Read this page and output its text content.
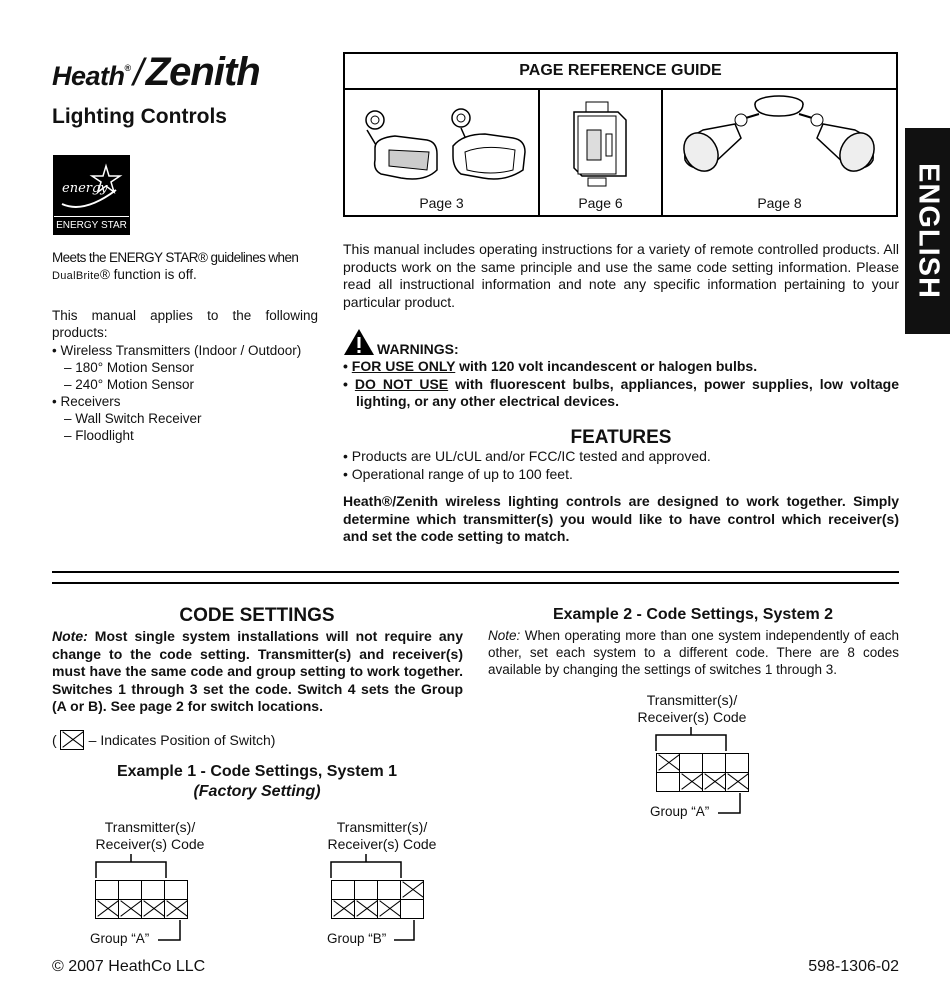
Heath®/Zenith
Lighting Controls
energy
ENERGY STAR
Meets the ENERGY STAR® guidelines when
DualBrite® function is off.
This manual applies to the following products:
• Wireless Transmitters (Indoor / Outdoor)
– 180° Motion Sensor
– 240° Motion Sensor
• Receivers
– Wall Switch Receiver
– Floodlight
PAGE REFERENCE GUIDE
Page 3	Page 6	Page 8	ENGLISH
This manual includes operating instructions for a variety of remote controlled products. All products work on the same principle and use the same code setting information. Please read all instructional information and note any specific information pertaining to your particular product.
WARNINGS:
• FOR USE ONLY with 120 volt incandescent or halogen bulbs.
• DO NOT USE with fluorescent bulbs, appliances, power supplies, low voltage lighting, or any other electrical devices.
FEATURES
• Products are UL/cUL and/or FCC/IC tested and approved.
• Operational range of up to 100 feet.
Heath®/Zenith wireless lighting controls are designed to work together. Simply determine which transmitter(s) you would like to have control which receiver(s) and set the code setting to match.
CODE SETTINGS
Note: Most single system installations will not require any change to the code setting. Transmitter(s) and receiver(s) must have the same code and group setting to work together. Switches 1 through 3 set the code. Switch 4 sets the Group (A or B). See page 2 for switch locations.
( – Indicates Position of Switch)
Example 1 - Code Settings, System 1
(Factory Setting)
Transmitter(s)/ Receiver(s) Code

Group “A”
Transmitter(s)/ Receiver(s) Code

Group “B”
Example 2 - Code Settings, System 2
Note: When operating more than one system independently of each other, set each system to a different code. There are 8 codes available by changing the settings of switches 1 through 3.
Transmitter(s)/ Receiver(s) Code

Group “A”
© 2007 HeathCo LLC	598-1306-02
